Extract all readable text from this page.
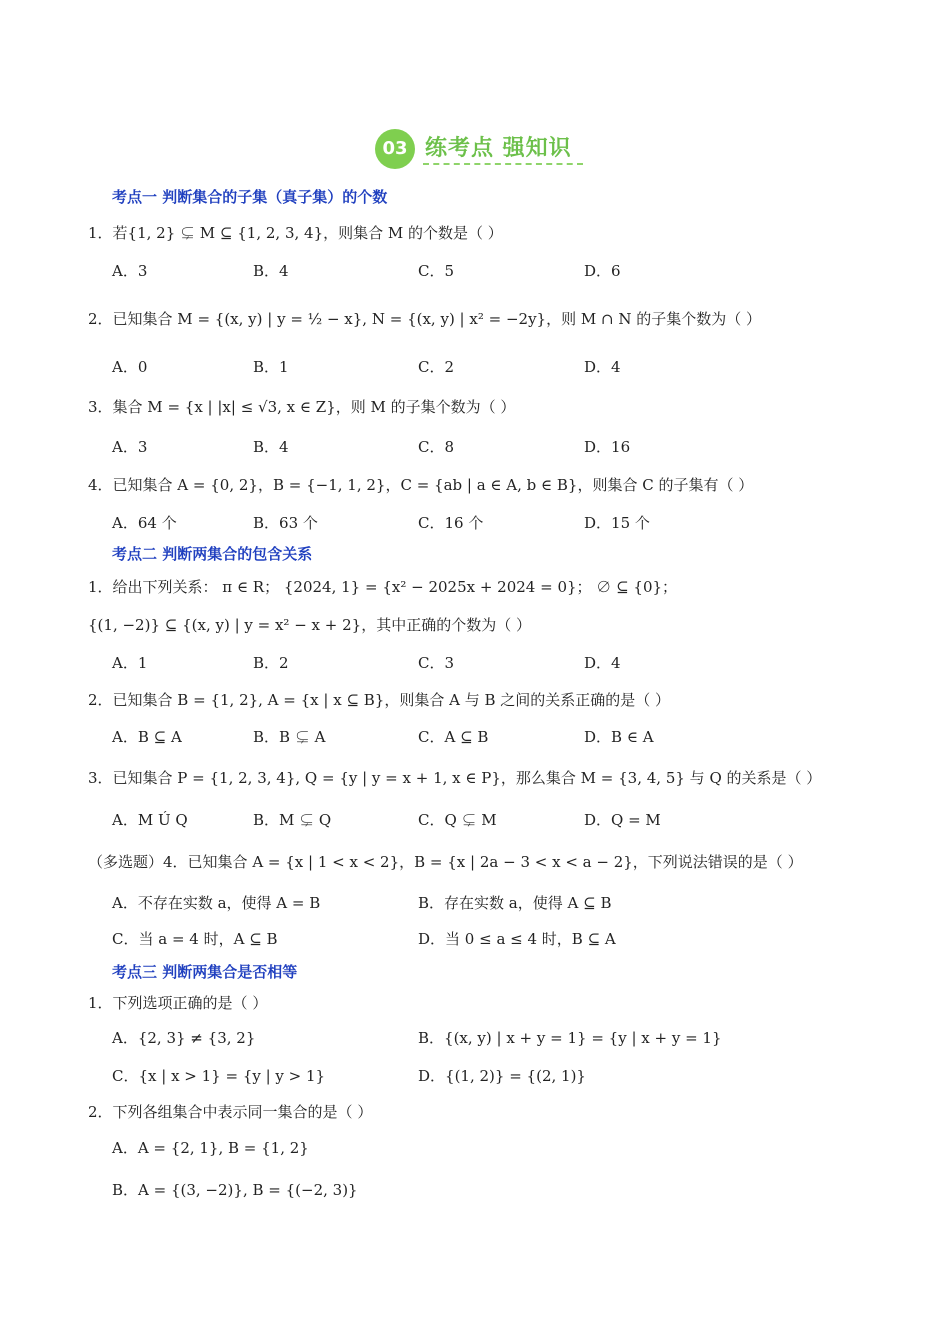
03 练考点 强知识
考点一 判断集合的子集（真子集）的个数
1．若{1, 2} ⊊ M ⊆ {1, 2, 3, 4}，则集合 M 的个数是（ ）
A．3	B．4	C．5	D．6
2．已知集合 M = {(x, y) | y = ½ − x}, N = {(x, y) | x² = −2y}，则 M ∩ N 的子集个数为（ ）
A．0	B．1	C．2	D．4
3．集合 M = {x | |x| ≤ √3, x ∈ Z}，则 M 的子集个数为（ ）
A．3	B．4	C．8	D．16
4．已知集合 A = {0, 2}，B = {−1, 1, 2}，C = {ab | a ∈ A, b ∈ B}，则集合 C 的子集有（ ）
A．64 个	B．63 个	C．16 个	D．15 个
考点二 判断两集合的包含关系
1．给出下列关系： π ∈ R； {2024, 1} = {x² − 2025x + 2024 = 0}； ∅ ⊆ {0}；
{(1, −2)} ⊆ {(x, y) | y = x² − x + 2}，其中正确的个数为（ ）
A．1	B．2	C．3	D．4
2．已知集合 B = {1, 2}, A = {x | x ⊆ B}，则集合 A 与 B 之间的关系正确的是（ ）
A．B ⊆ A	B．B ⊊ A	C．A ⊆ B	D．B ∈ A
3．已知集合 P = {1, 2, 3, 4}, Q = {y | y = x + 1, x ∈ P}，那么集合 M = {3, 4, 5} 与 Q 的关系是（ ）
A．M Ú Q	B．M ⊊ Q	C．Q ⊊ M	D．Q = M
（多选题）4．已知集合 A = {x | 1 < x < 2}，B = {x | 2a − 3 < x < a − 2}，下列说法错误的是（ ）
A．不存在实数 a，使得 A = B	B．存在实数 a，使得 A ⊆ B
C．当 a = 4 时，A ⊆ B	D．当 0 ≤ a ≤ 4 时，B ⊆ A
考点三 判断两集合是否相等
1．下列选项正确的是（ ）
A．{2, 3} ≠ {3, 2}	B．{(x, y) | x + y = 1} = {y | x + y = 1}
C．{x | x > 1} = {y | y > 1}	D．{(1, 2)} = {(2, 1)}
2．下列各组集合中表示同一集合的是（ ）
A．A = {2, 1}, B = {1, 2}
B．A = {(3, −2)}, B = {(−2, 3)}
